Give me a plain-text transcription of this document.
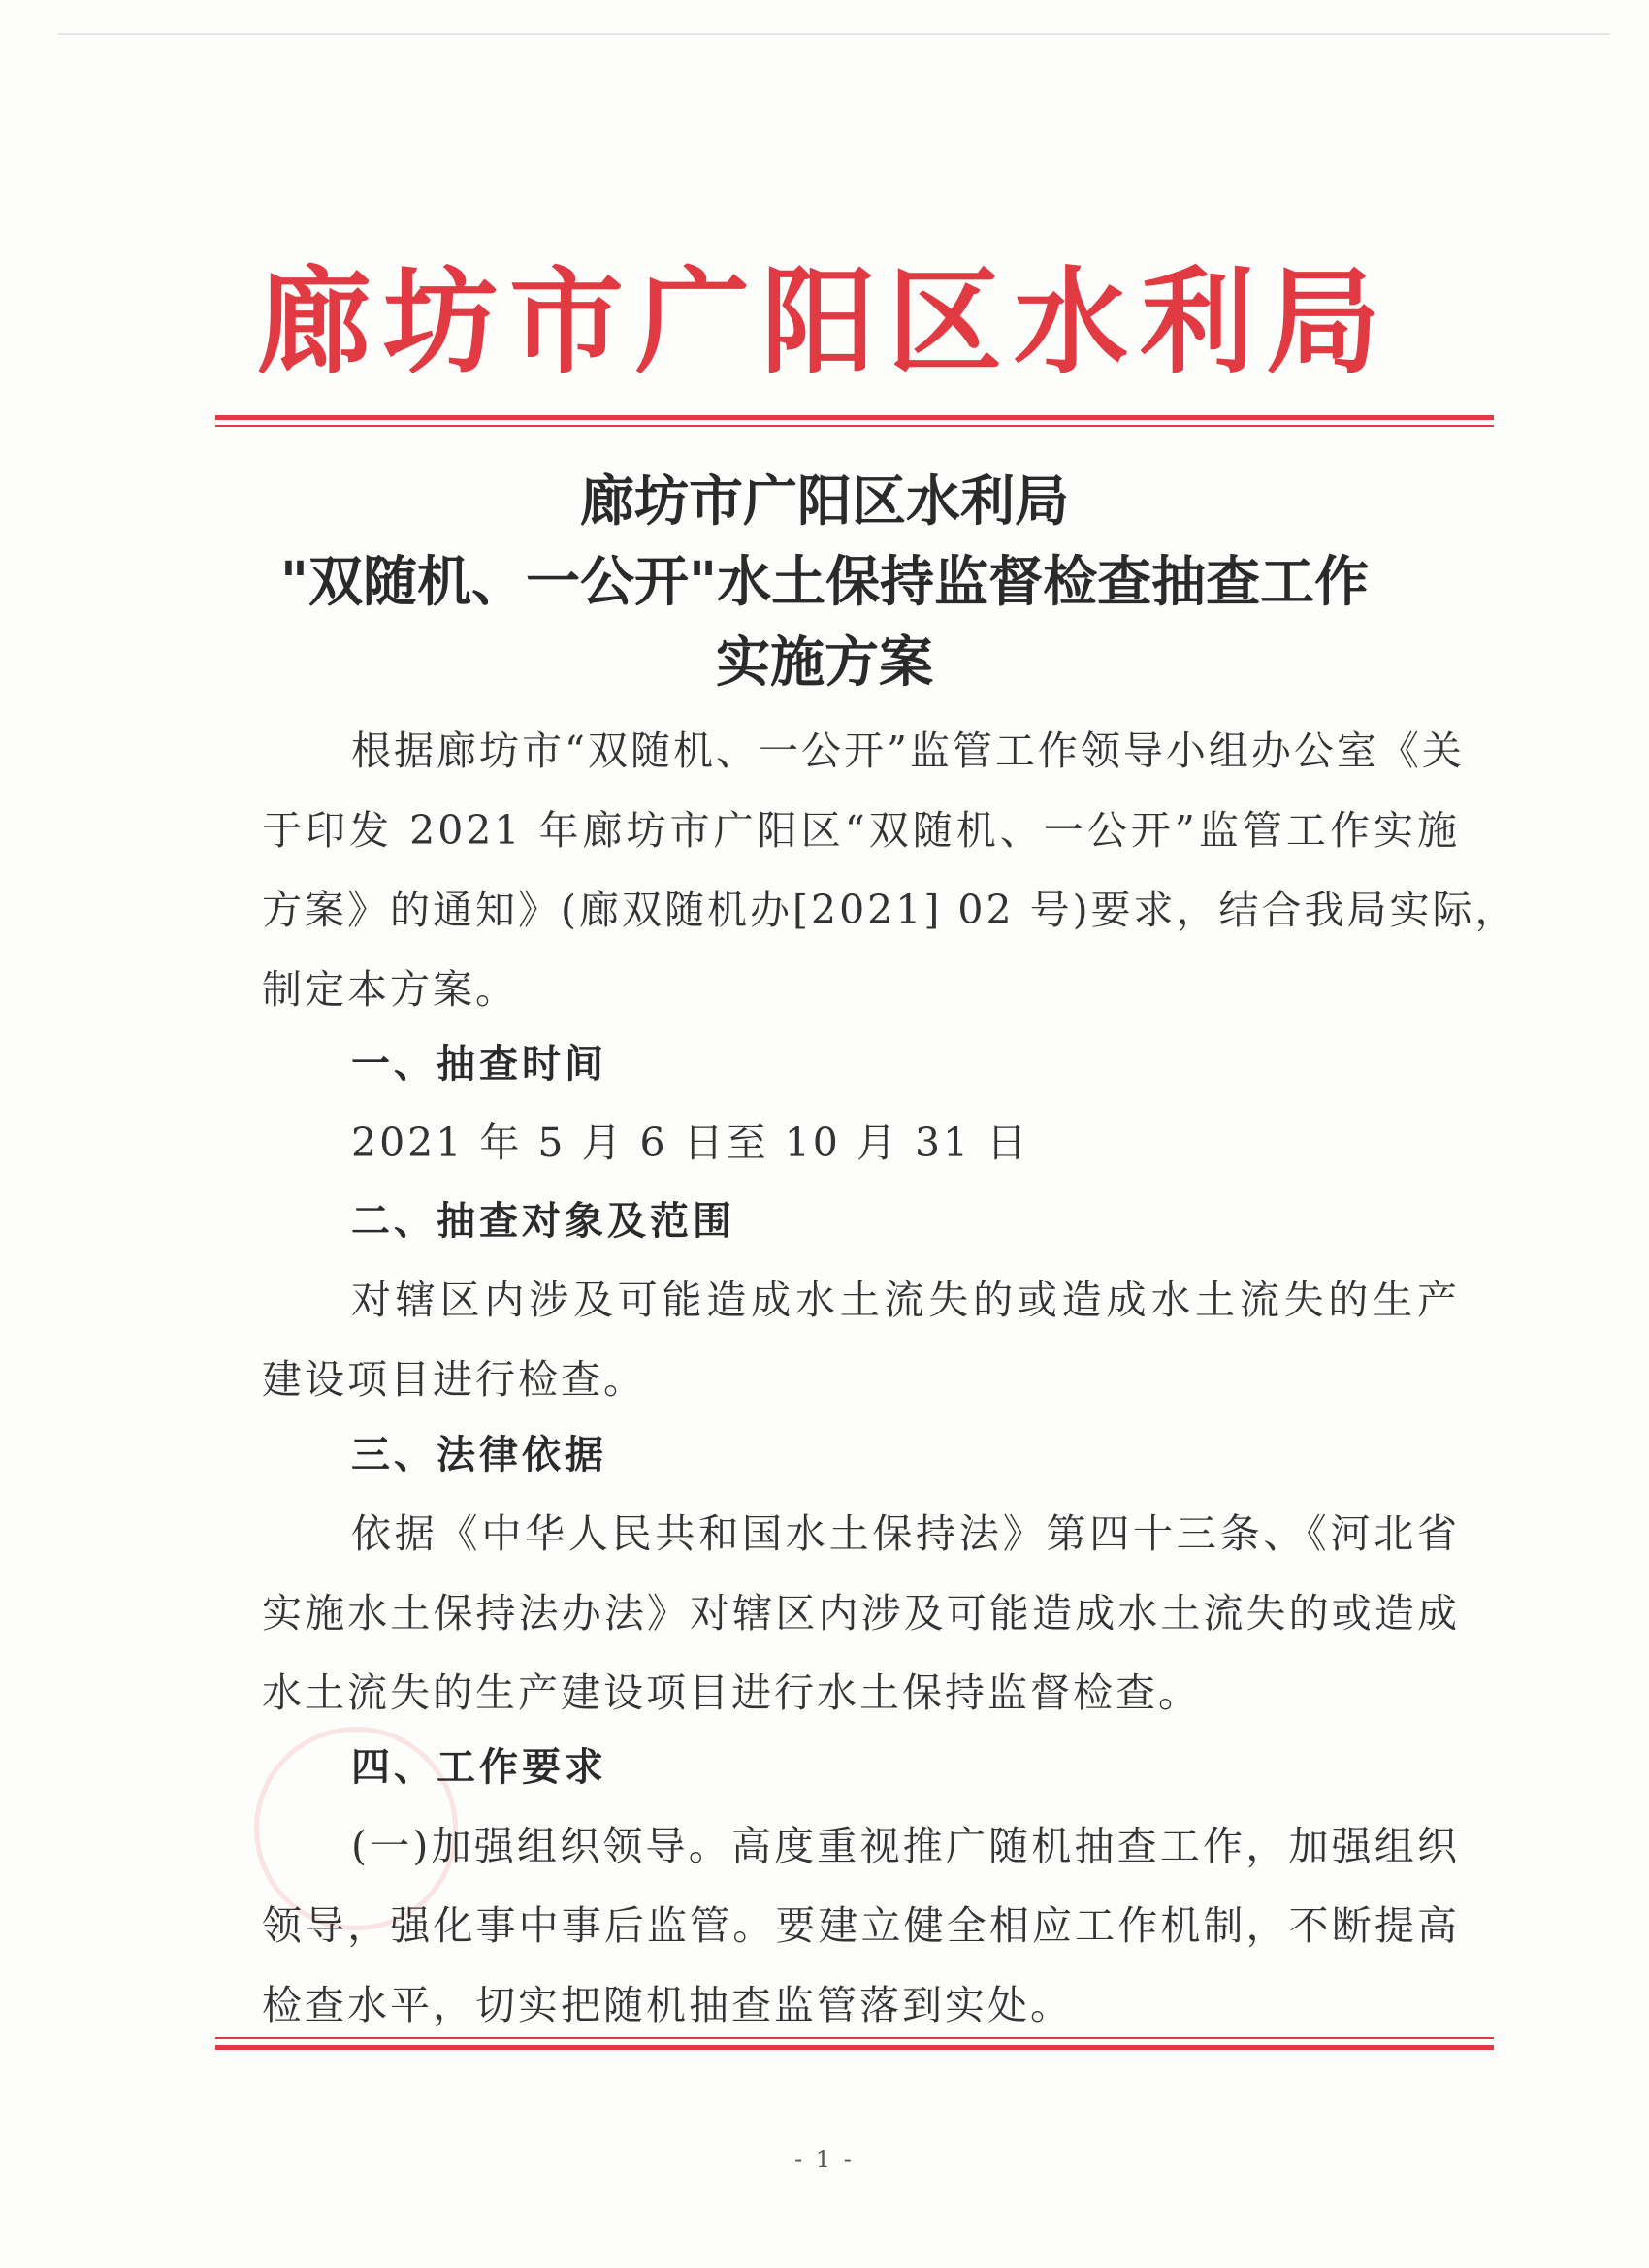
廊坊市广阳区水利局
廊坊市广阳区水利局
"双随机、一公开"水土保持监督检查抽查工作
实施方案
根据廊坊市“双随机、一公开”监管工作领导小组办公室《关
于印发 2021 年廊坊市广阳区“双随机、一公开”监管工作实施
方案》的通知》(廊双随机办[2021] 02 号)要求，结合我局实际，
制定本方案。
一、抽查时间
2021 年 5 月 6 日至 10 月 31 日
二、抽查对象及范围
对辖区内涉及可能造成水土流失的或造成水土流失的生产
建设项目进行检查。
三、法律依据
依据《中华人民共和国水土保持法》第四十三条、《河北省
实施水土保持法办法》对辖区内涉及可能造成水土流失的或造成
水土流失的生产建设项目进行水土保持监督检查。
四、工作要求
(一)加强组织领导。高度重视推广随机抽查工作，加强组织
领导，强化事中事后监管。要建立健全相应工作机制，不断提高
检查水平，切实把随机抽查监管落到实处。
- 1 -
